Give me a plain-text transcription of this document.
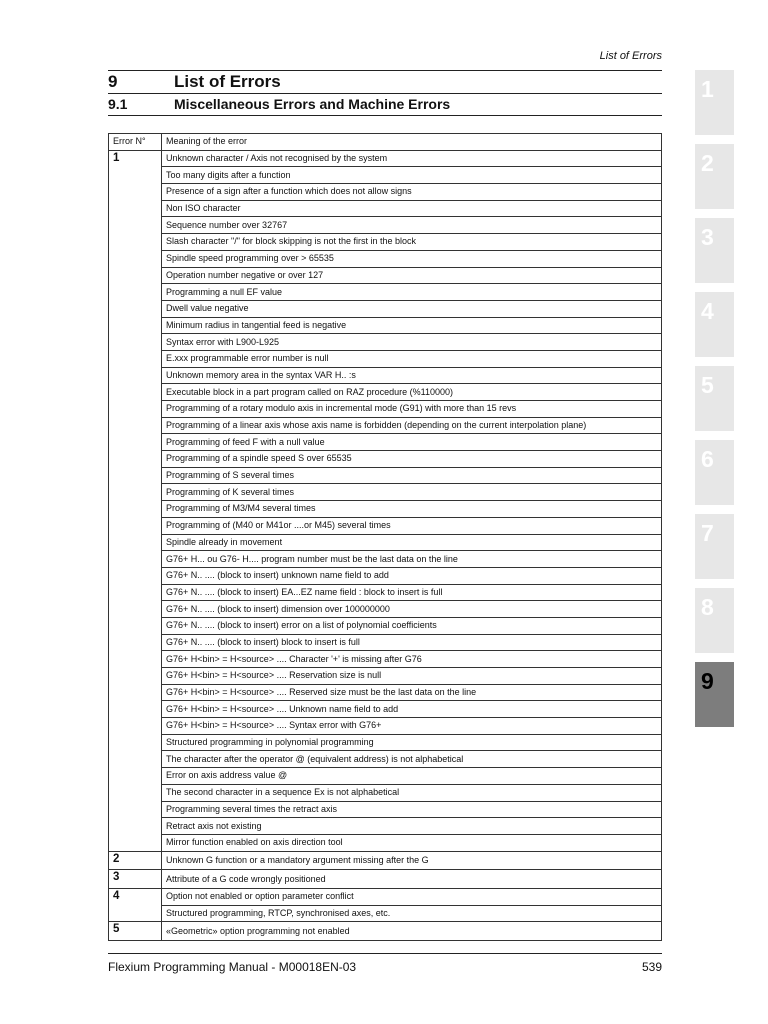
List of Errors
9	List of Errors
9.1	Miscellaneous Errors and Machine Errors
Error N°	Meaning of the error
1	Unknown character / Axis not recognised by the system
	Too many digits after a function
	Presence of a sign after a function which does not allow signs
	Non ISO character
	Sequence number over 32767
	Slash character "/" for block skipping is not the first in the block
	Spindle speed programming over > 65535
	Operation number negative or over 127
	Programming a null EF value
	Dwell value negative
	Minimum radius in tangential feed is negative
	Syntax error with L900-L925
	E.xxx programmable error number is null
	Unknown memory area in the syntax VAR H.. :s
	Executable block in a part program called on RAZ procedure (%110000)
	Programming of a rotary modulo axis in incremental mode (G91) with more than 15 revs
	Programming of a linear axis whose axis name is forbidden (depending on the current interpolation plane)
	Programming of feed F with a null value
	Programming of a spindle speed S over 65535
	Programming of S several times
	Programming of K several times
	Programming of M3/M4 several times
	Programming of (M40 or M41or ....or M45) several times
	Spindle already in movement
	G76+ H... ou G76- H.... program number must be the last data on the line
	G76+ N.. .... (block to insert) unknown name field to add
	G76+ N.. .... (block to insert) EA...EZ name field : block to insert is full
	G76+ N.. .... (block to insert) dimension over 100000000
	G76+ N.. .... (block to insert) error on a list of polynomial coefficients
	G76+ N.. .... (block to insert) block to insert is full
	G76+ H<bin> = H<source> .... Character '+' is missing after G76
	G76+ H<bin> = H<source> .... Reservation size is null
	G76+ H<bin> = H<source> .... Reserved size must be the last data on the line
	G76+ H<bin> = H<source> .... Unknown name field to add
	G76+ H<bin> = H<source> .... Syntax error with G76+
	Structured programming in polynomial programming
	The character after the operator @ (equivalent address) is not alphabetical
	Error on axis address value @
	The second character in a sequence Ex is not alphabetical
	Programming several times the retract axis
	Retract axis not existing
	Mirror function enabled on axis direction tool
2	Unknown G function or a mandatory argument missing after the G
3	Attribute of a G code wrongly positioned
4	Option not enabled or option parameter conflict
	Structured programming, RTCP, synchronised axes, etc.
5	«Geometric» option programming not enabled
Flexium Programming Manual - M00018EN-03	539
1
2
3
4
5
6
7
8
9
